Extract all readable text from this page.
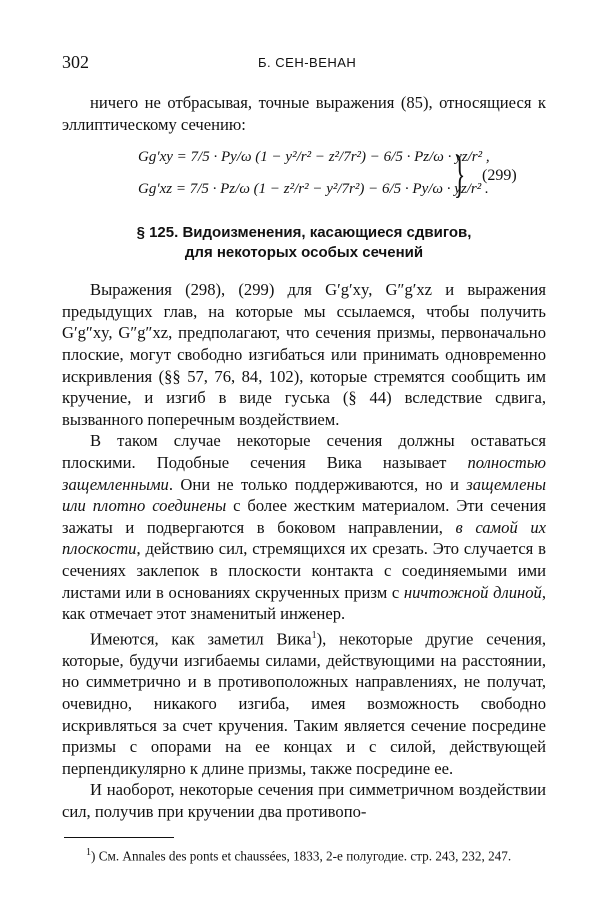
302	Б. СЕН-ВЕНАН

ничего не отбрасывая, точные выражения (85), относящиеся к эллиптическому сечению:

Gg′xy = 7/5 · Py/ω (1 − y²/r² − z²/7r²) − 6/5 · Pz/ω · yz/r² ,
Gg′xz = 7/5 · Pz/ω (1 − z²/r² − y²/7r²) − 6/5 · Py/ω · yz/r² .
} (299)
§ 125. Видоизменения, касающиеся сдвигов,
для некоторых особых сечений

Выражения (298), (299) для G′g′xy, G″g′xz и выражения предыдущих глав, на которые мы ссылаемся, чтобы получить G′g″xy, G″g″xz, предполагают, что сечения призмы, первоначально плоские, могут свободно изгибаться или принимать одновременно искривления (§§ 57, 76, 84, 102), которые стремятся сообщить им кручение, и изгиб в виде гуська (§ 44) вследствие сдвига, вызванного поперечным воздействием.

В таком случае некоторые сечения должны оставаться плоскими. Подобные сечения Вика называет полностью защемленными. Они не только поддерживаются, но и защемлены или плотно соединены с более жестким материалом. Эти сечения зажаты и подвергаются в боковом направлении, в самой их плоскости, действию сил, стремящихся их срезать. Это случается в сечениях заклепок в плоскости контакта с соединяемыми ими листами или в основаниях скрученных призм с ничтожной длиной, как отмечает этот знаменитый инженер.

Имеются, как заметил Вика$^1$), некоторые другие сечения, которые, будучи изгибаемы силами, действующими на расстоянии, но симметрично и в противоположных направлениях, не получат, очевидно, никакого изгиба, имея возможность свободно искривляться за счет кручения. Таким является сечение посредине призмы с опорами на ее концах и с силой, действующей перпендикулярно к длине призмы, также посредине ее.

И наоборот, некоторые сечения при симметричном воздействии сил, получив при кручении два противопо-

$^1$) См. Annales des ponts et chaussées, 1833, 2-е полугодие. стр. 243, 232, 247.
